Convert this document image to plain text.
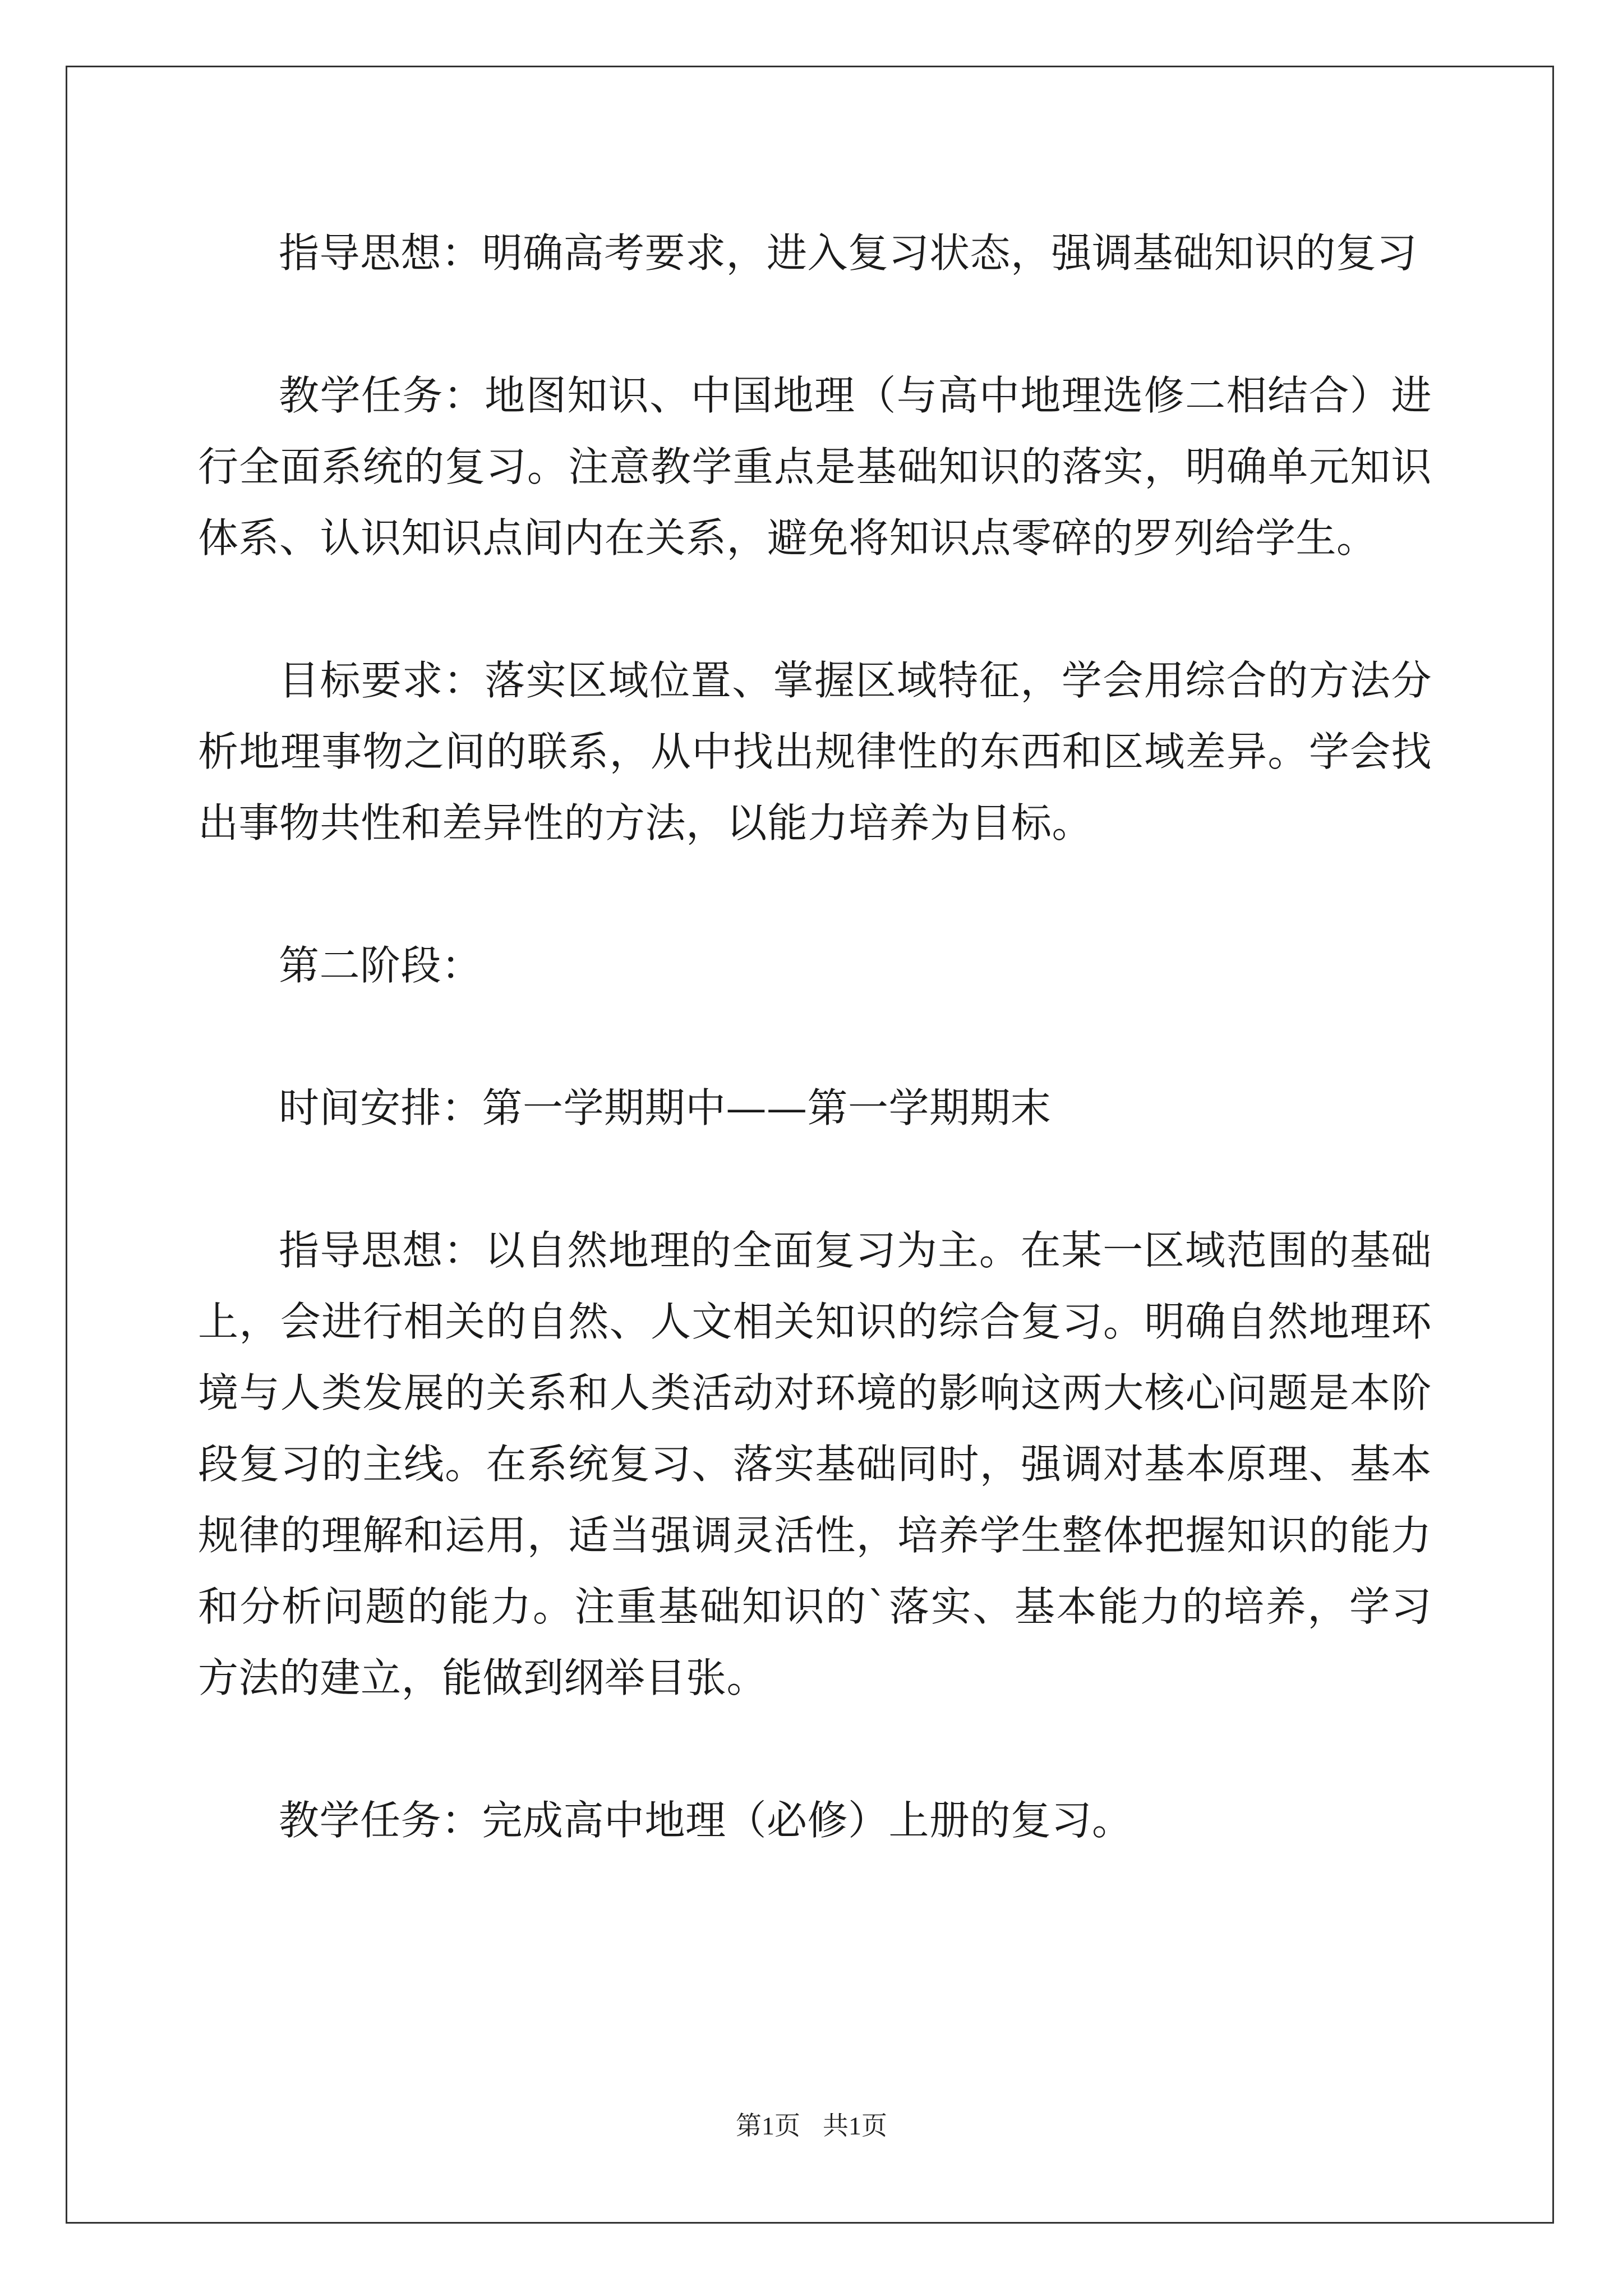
指导思想：明确高考要求，进入复习状态，强调基础知识的复习

教学任务：地图知识、中国地理（与高中地理选修二相结合）进行全面系统的复习。注意教学重点是基础知识的落实，明确单元知识体系、认识知识点间内在关系，避免将知识点零碎的罗列给学生。

目标要求：落实区域位置、掌握区域特征，学会用综合的方法分析地理事物之间的联系，从中找出规律性的东西和区域差异。学会找出事物共性和差异性的方法，以能力培养为目标。

第二阶段：

时间安排：第一学期期中——第一学期期末

指导思想：以自然地理的全面复习为主。在某一区域范围的基础上，会进行相关的自然、人文相关知识的综合复习。明确自然地理环境与人类发展的关系和人类活动对环境的影响这两大核心问题是本阶段复习的主线。在系统复习、落实基础同时，强调对基本原理、基本规律的理解和运用，适当强调灵活性，培养学生整体把握知识的能力和分析问题的能力。注重基础知识的`落实、基本能力的培养，学习方法的建立，能做到纲举目张。

教学任务：完成高中地理（必修）上册的复习。

第1页 共1页
